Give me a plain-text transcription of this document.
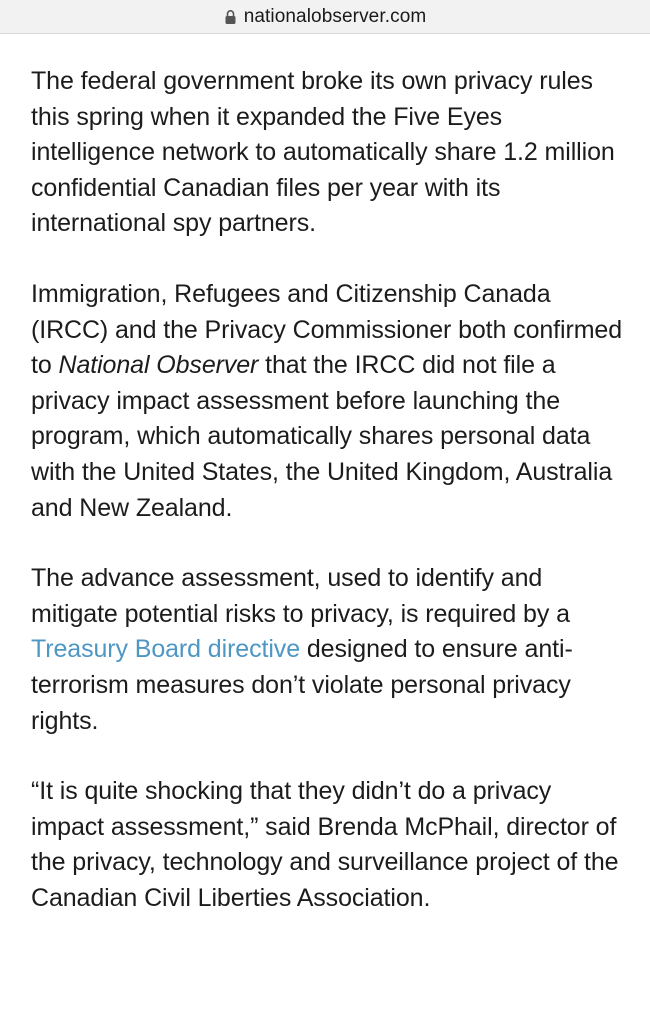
nationalobserver.com

The federal government broke its own privacy rules this spring when it expanded the Five Eyes intelligence network to automatically share 1.2 million confidential Canadian files per year with its international spy partners.

Immigration, Refugees and Citizenship Canada (IRCC) and the Privacy Commissioner both confirmed to National Observer that the IRCC did not file a privacy impact assessment before launching the program, which automatically shares personal data with the United States, the United Kingdom, Australia and New Zealand.

The advance assessment, used to identify and mitigate potential risks to privacy, is required by a Treasury Board directive designed to ensure anti-terrorism measures don’t violate personal privacy rights.

“It is quite shocking that they didn’t do a privacy impact assessment,” said Brenda McPhail, director of the privacy, technology and surveillance project of the Canadian Civil Liberties Association.
